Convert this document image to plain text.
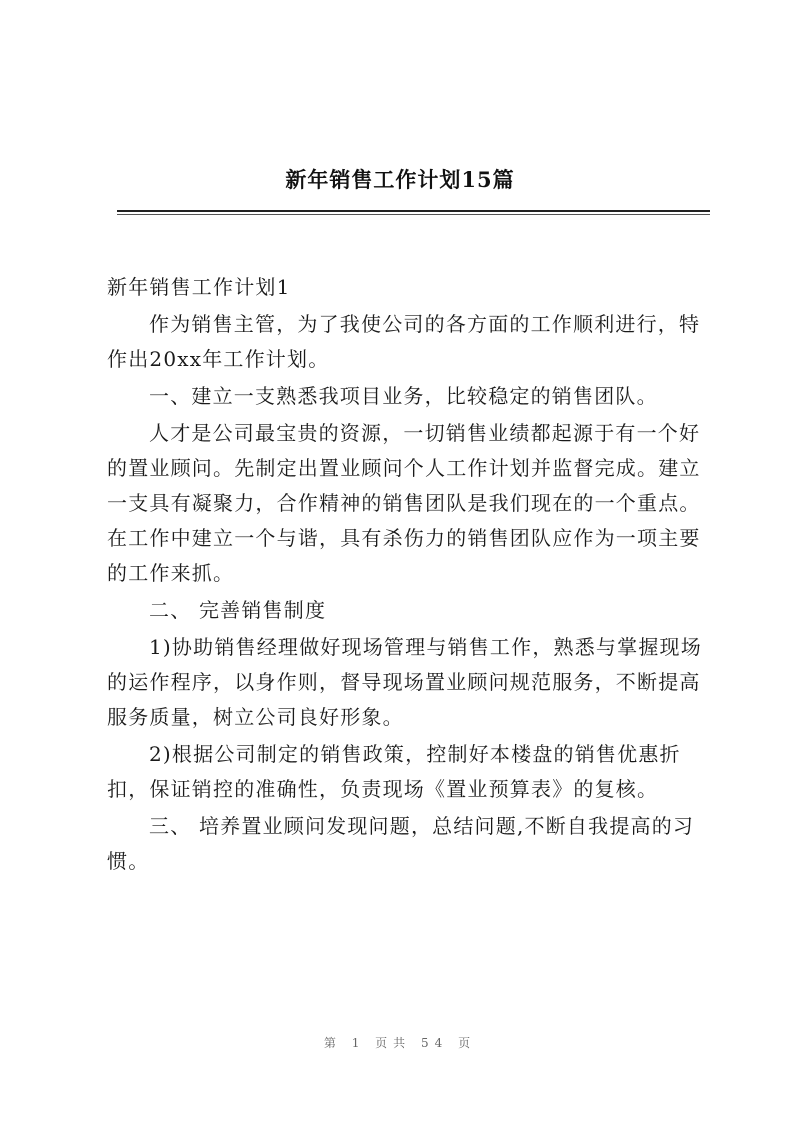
新年销售工作计划15篇

新年销售工作计划1

作为销售主管，为了我使公司的各方面的工作顺利进行，特作出20xx年工作计划。

一、建立一支熟悉我项目业务，比较稳定的销售团队。

人才是公司最宝贵的资源，一切销售业绩都起源于有一个好的置业顾问。先制定出置业顾问个人工作计划并监督完成。建立一支具有凝聚力，合作精神的销售团队是我们现在的一个重点。在工作中建立一个与谐，具有杀伤力的销售团队应作为一项主要的工作来抓。

二、 完善销售制度

1)协助销售经理做好现场管理与销售工作，熟悉与掌握现场的运作程序，以身作则，督导现场置业顾问规范服务，不断提高服务质量，树立公司良好形象。

2)根据公司制定的销售政策，控制好本楼盘的销售优惠折扣，保证销控的准确性，负责现场《置业预算表》的复核。

三、 培养置业顾问发现问题，总结问题,不断自我提高的习惯。

第 1 页共 54 页
